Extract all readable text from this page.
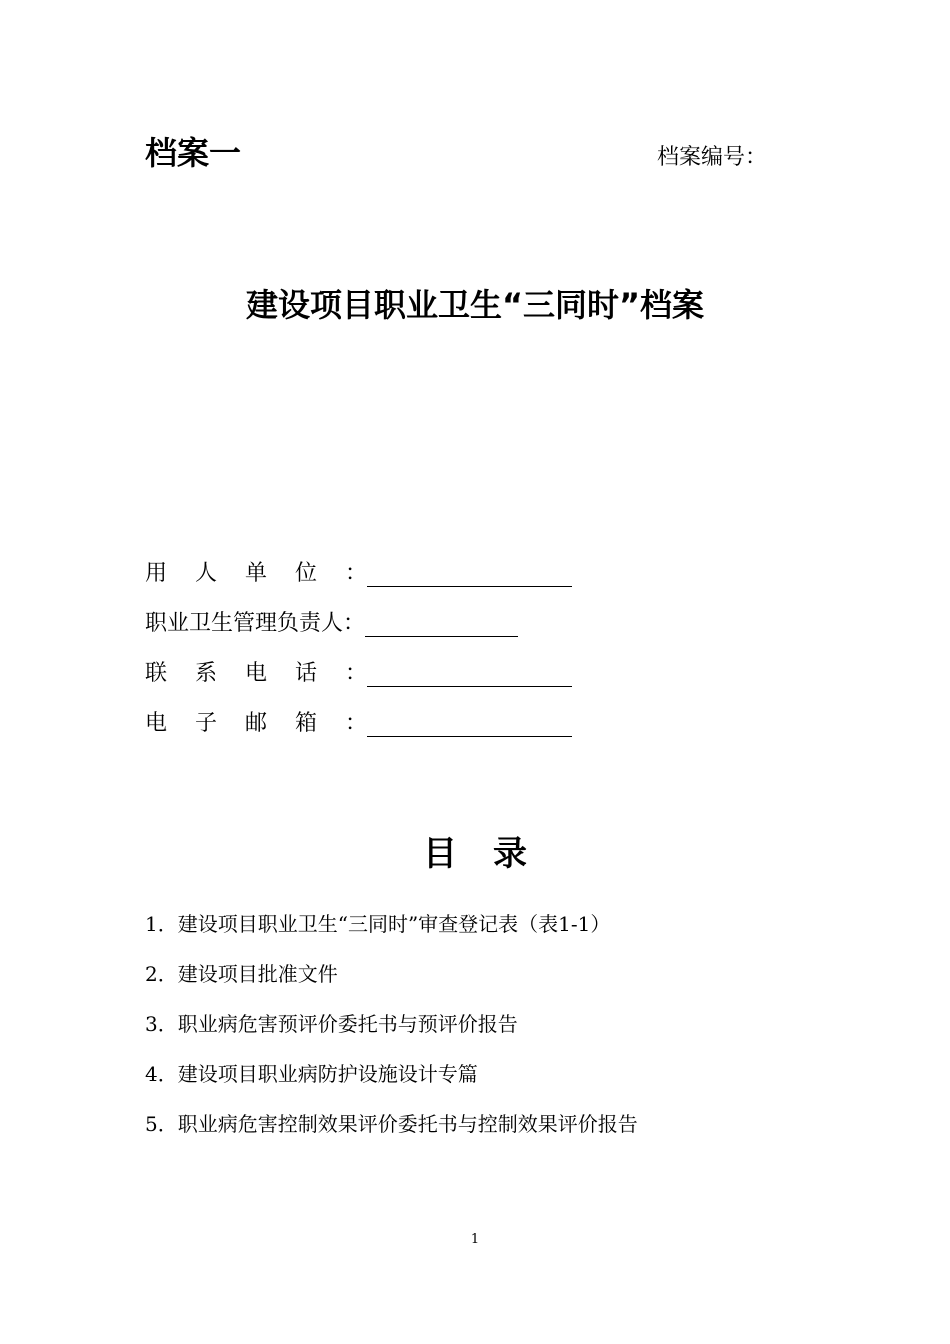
档案一	档案编号：
建设项目职业卫生“三同时”档案
用 人 单 位 ：
职业卫生管理负责人：
联 系 电 话 ：
电 子 邮 箱 ：
目录
1．建设项目职业卫生“三同时”审查登记表（表1-1）
2．建设项目批准文件
3．职业病危害预评价委托书与预评价报告
4．建设项目职业病防护设施设计专篇
5．职业病危害控制效果评价委托书与控制效果评价报告
1
